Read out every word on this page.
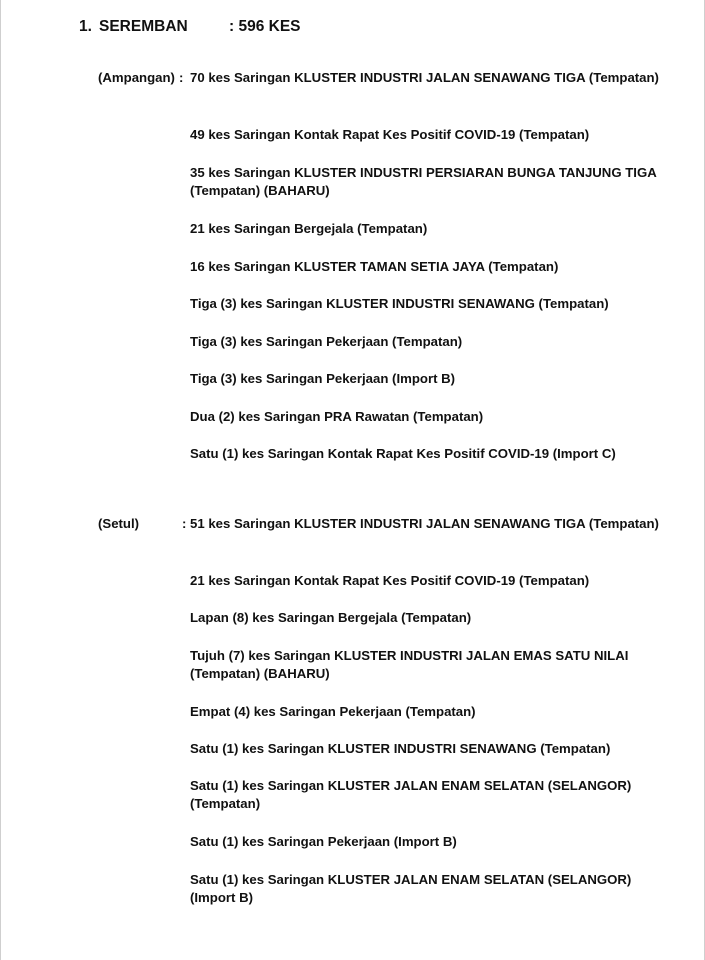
1. SEREMBAN	: 596 KES
(Ampangan) : 70 kes Saringan KLUSTER INDUSTRI JALAN SENAWANG TIGA (Tempatan)
49 kes Saringan Kontak Rapat Kes Positif COVID-19 (Tempatan)
35 kes Saringan KLUSTER INDUSTRI PERSIARAN BUNGA TANJUNG TIGA (Tempatan) (BAHARU)
21 kes Saringan Bergejala (Tempatan)
16 kes Saringan KLUSTER TAMAN SETIA JAYA (Tempatan)
Tiga (3) kes Saringan KLUSTER INDUSTRI SENAWANG (Tempatan)
Tiga (3) kes Saringan Pekerjaan (Tempatan)
Tiga (3) kes Saringan Pekerjaan (Import B)
Dua (2) kes Saringan PRA Rawatan (Tempatan)
Satu (1) kes Saringan Kontak Rapat Kes Positif COVID-19 (Import C)
(Setul)	: 51 kes Saringan KLUSTER INDUSTRI JALAN SENAWANG TIGA (Tempatan)
21 kes Saringan Kontak Rapat Kes Positif COVID-19 (Tempatan)
Lapan (8) kes Saringan Bergejala (Tempatan)
Tujuh (7) kes Saringan KLUSTER INDUSTRI JALAN EMAS SATU NILAI (Tempatan) (BAHARU)
Empat (4) kes Saringan Pekerjaan (Tempatan)
Satu (1) kes Saringan KLUSTER INDUSTRI SENAWANG (Tempatan)
Satu (1) kes Saringan KLUSTER JALAN ENAM SELATAN (SELANGOR) (Tempatan)
Satu (1) kes Saringan Pekerjaan (Import B)
Satu (1) kes Saringan KLUSTER JALAN ENAM SELATAN (SELANGOR) (Import B)
